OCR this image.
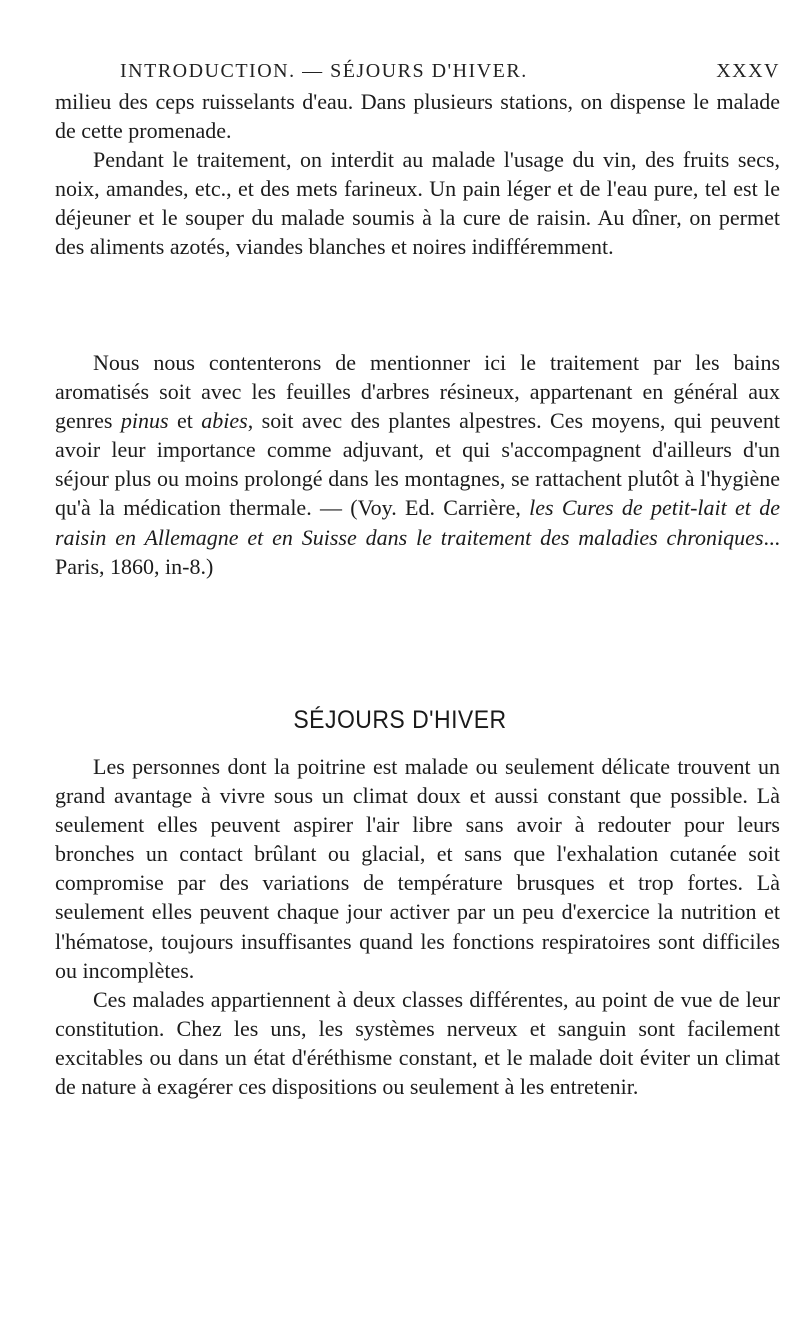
INTRODUCTION. — SÉJOURS D'HIVER.	XXXV

milieu des ceps ruisselants d'eau. Dans plusieurs stations, on dispense le malade de cette promenade.

Pendant le traitement, on interdit au malade l'usage du vin, des fruits secs, noix, amandes, etc., et des mets farineux. Un pain léger et de l'eau pure, tel est le déjeuner et le souper du malade soumis à la cure de raisin. Au dîner, on permet des aliments azotés, viandes blanches et noires indifféremment.

Nous nous contenterons de mentionner ici le traitement par les bains aromatisés soit avec les feuilles d'arbres résineux, appartenant en général aux genres pinus et abies, soit avec des plantes alpestres. Ces moyens, qui peuvent avoir leur importance comme adjuvant, et qui s'accompagnent d'ailleurs d'un séjour plus ou moins prolongé dans les montagnes, se rattachent plutôt à l'hygiène qu'à la médication thermale. — (Voy. Ed. Carrière, les Cures de petit-lait et de raisin en Allemagne et en Suisse dans le traitement des maladies chroniques... Paris, 1860, in-8.)

SÉJOURS D'HIVER

Les personnes dont la poitrine est malade ou seulement délicate trouvent un grand avantage à vivre sous un climat doux et aussi constant que possible. Là seulement elles peuvent aspirer l'air libre sans avoir à redouter pour leurs bronches un contact brûlant ou glacial, et sans que l'exhalation cutanée soit compromise par des variations de température brusques et trop fortes. Là seulement elles peuvent chaque jour activer par un peu d'exercice la nutrition et l'hématose, toujours insuffisantes quand les fonctions respiratoires sont difficiles ou incomplètes.

Ces malades appartiennent à deux classes différentes, au point de vue de leur constitution. Chez les uns, les systèmes nerveux et sanguin sont facilement excitables ou dans un état d'éréthisme constant, et le malade doit éviter un climat de nature à exagérer ces dispositions ou seulement à les entretenir.
